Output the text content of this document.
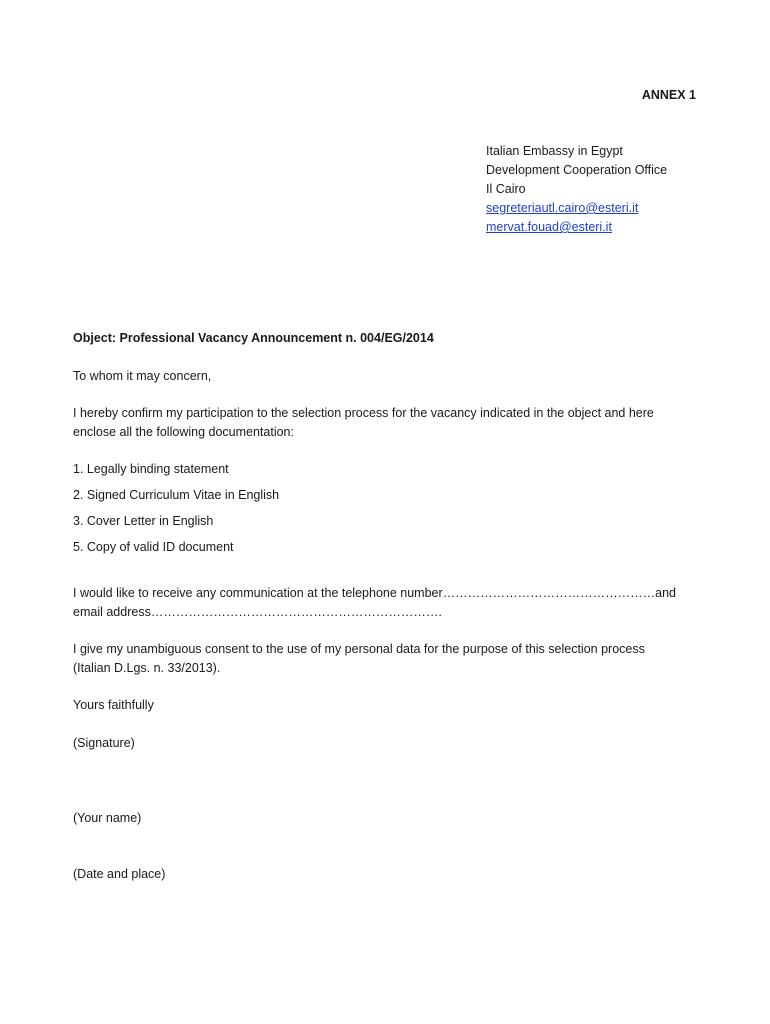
ANNEX 1
Italian Embassy in Egypt
Development Cooperation Office
Il Cairo
segreteriautl.cairo@esteri.it
mervat.fouad@esteri.it
Object: Professional Vacancy Announcement n. 004/EG/2014
To whom it may concern,
I hereby confirm my participation to the selection process for the vacancy indicated in the object and here
enclose all the following documentation:
1. Legally binding statement
2. Signed Curriculum Vitae in English
3. Cover Letter in English
5. Copy of valid ID document
I would like to receive any communication at the telephone number……………………………………………and
email address…………………………………………………………….
I give my unambiguous consent to the use of my personal data for the purpose of this selection process
(Italian D.Lgs. n. 33/2013).
Yours faithfully
(Signature)
(Your name)
(Date and place)
